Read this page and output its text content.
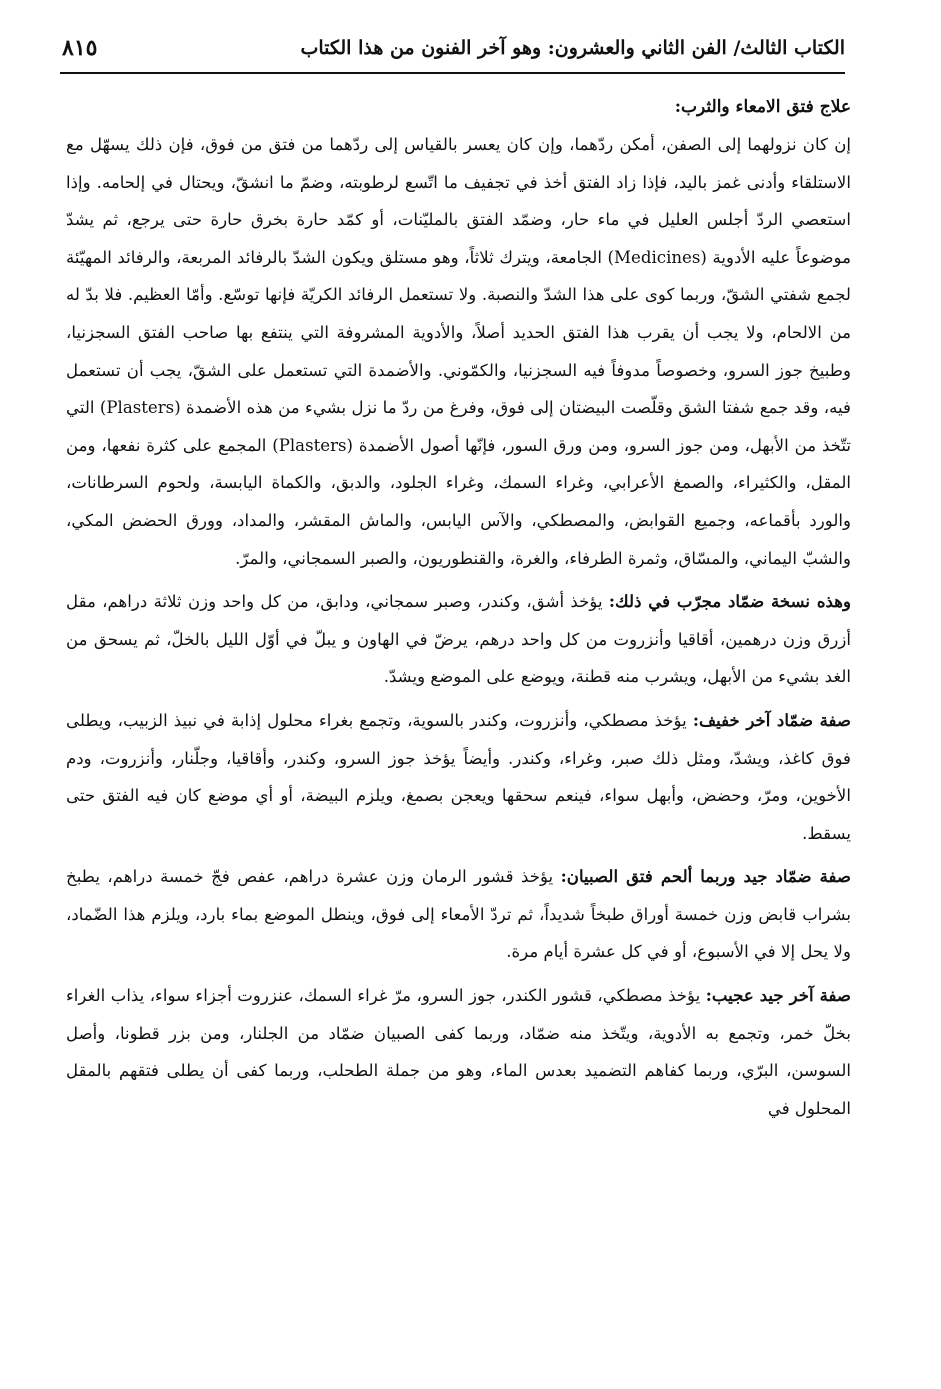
الكتاب الثالث/ الفن الثاني والعشرون: وهو آخر الفنون من هذا الكتاب
٨١٥
علاج فتق الامعاء والثرب:

إن كان نزولهما إلى الصفن، أمكن ردّهما، وإن كان يعسر بالقياس إلى ردّهما من فتق من فوق، فإن ذلك يسهّل مع الاستلقاء وأدنى غمز باليد، فإذا زاد الفتق أخذ في تجفيف ما اتّسع لرطوبته، وضمّ ما انشقّ، ويحتال في إلحامه. وإذا استعصي الردّ أجلس العليل في ماء حار، وضمّد الفتق بالمليّنات، أو كمّد حارة بخرق حارة حتى يرجع، ثم يشدّ موضوعاً عليه الأدوية (Medicines) الجامعة، ويترك ثلاثاً، وهو مستلق ويكون الشدّ بالرفائد المربعة، والرفائد المهيّئة لجمع شفتي الشقّ، وربما كوى على هذا الشدّ والنصبة. ولا تستعمل الرفائد الكريّة فإنها توسّع. وأمّا العظيم. فلا بدّ له من الالحام، ولا يجب أن يقرب هذا الفتق الحديد أصلاً، والأدوية المشروفة التي ينتفع بها صاحب الفتق السجزنيا، وطبيخ جوز السرو، وخصوصاً مدوفاً فيه السجزنيا، والكمّوني. والأضمدة التي تستعمل على الشقّ، يجب أن تستعمل فيه، وقد جمع شفتا الشق وقلّصت البيضتان إلى فوق، وفرغ من ردّ ما نزل بشيء من هذه الأضمدة (Plasters) التي تتّخذ من الأبهل، ومن جوز السرو، ومن ورق السور، فإنّها أصول الأضمدة (Plasters) المجمع على كثرة نفعها، ومن المقل، والكثيراء، والصمغ الأعرابي، وغراء السمك، وغراء الجلود، والدبق، والكماة اليابسة، ولحوم السرطانات، والورد بأقماعه، وجميع القوابض، والمصطكي، والآس اليابس، والماش المقشر، والمداد، وورق الحضض المكي، والشبّ اليماني، والمسّاق، وثمرة الطرفاء، والغرة، والقنطوريون، والصبر السمجاني، والمرّ.

وهذه نسخة ضمّاد مجرّب في ذلك: يؤخذ أشق، وكندر، وصبر سمجاني، ودابق، من كل واحد وزن ثلاثة دراهم، مقل أزرق وزن درهمين، أقاقيا وأنزروت من كل واحد درهم، يرضّ في الهاون و يبلّ في أوّل الليل بالخلّ، ثم يسحق من الغد بشيء من الأبهل، ويشرب منه قطنة، ويوضع على الموضع ويشدّ.

صفة ضمّاد آخر خفيف: يؤخذ مصطكي، وأنزروت، وكندر بالسوية، وتجمع بغراء محلول إذابة في نبيذ الزبيب، ويطلى فوق كاغذ، ويشدّ، ومثل ذلك صبر، وغراء، وكندر. وأيضاً يؤخذ جوز السرو، وكندر، وأقاقيا، وجلّنار، وأنزروت، ودم الأخوين، ومرّ، وحضض، وأبهل سواء، فينعم سحقها ويعجن بصمغ، ويلزم البيضة، أو أي موضع كان فيه الفتق حتى يسقط.

صفة ضمّاد جيد وربما ألحم فتق الصبيان: يؤخذ قشور الرمان وزن عشرة دراهم، عفص فجّ خمسة دراهم، يطبخ بشراب قابض وزن خمسة أوراق طبخاً شديداً، ثم تردّ الأمعاء إلى فوق، وينطل الموضع بماء بارد، ويلزم هذا الضّماد، ولا يحل إلا في الأسبوع، أو في كل عشرة أيام مرة.

صفة آخر جيد عجيب: يؤخذ مصطكي، قشور الكندر، جوز السرو، مرّ غراء السمك، عنزروت أجزاء سواء، يذاب الغراء بخلّ خمر، وتجمع به الأدوية، ويتّخذ منه ضمّاد، وربما كفى الصبيان ضمّاد من الجلنار، ومن بزر قطونا، وأصل السوسن، البرّي، وربما كفاهم التضميد بعدس الماء، وهو من جملة الطحلب، وربما كفى أن يطلى فتقهم بالمقل المحلول في
